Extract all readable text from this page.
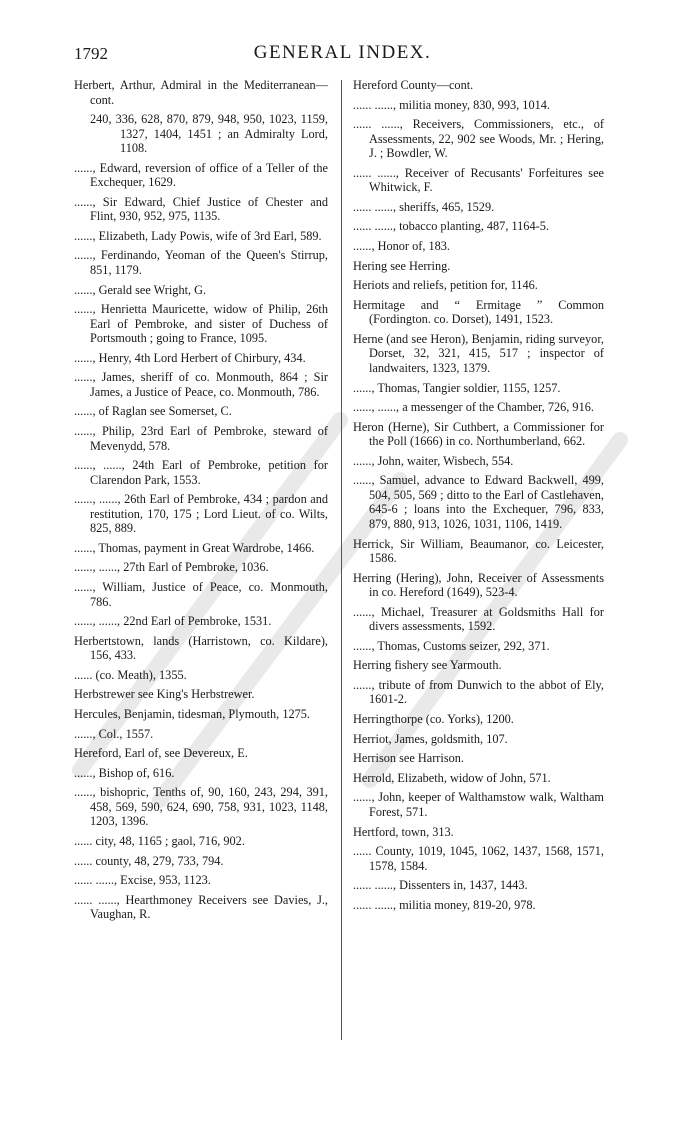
1792	GENERAL INDEX.

Herbert, Arthur, Admiral in the Mediterranean—cont.

240, 336, 628, 870, 879, 948, 950, 1023, 1159, 1327, 1404, 1451 ; an Admiralty Lord, 1108.

......, Edward, reversion of office of a Teller of the Exchequer, 1629.

......, Sir Edward, Chief Justice of Chester and Flint, 930, 952, 975, 1135.

......, Elizabeth, Lady Powis, wife of 3rd Earl, 589.

......, Ferdinando, Yeoman of the Queen's Stirrup, 851, 1179.

......, Gerald see Wright, G.

......, Henrietta Mauricette, widow of Philip, 26th Earl of Pembroke, and sister of Duchess of Portsmouth ; going to France, 1095.

......, Henry, 4th Lord Herbert of Chirbury, 434.

......, James, sheriff of co. Monmouth, 864 ; Sir James, a Justice of Peace, co. Monmouth, 786.

......, of Raglan see Somerset, C.

......, Philip, 23rd Earl of Pembroke, steward of Mevenydd, 578.

......, ......, 24th Earl of Pembroke, petition for Clarendon Park, 1553.

......, ......, 26th Earl of Pembroke, 434 ; pardon and restitution, 170, 175 ; Lord Lieut. of co. Wilts, 825, 889.

......, Thomas, payment in Great Wardrobe, 1466.

......, ......, 27th Earl of Pembroke, 1036.

......, William, Justice of Peace, co. Monmouth, 786.

......, ......, 22nd Earl of Pembroke, 1531.

Herbertstown, lands (Harristown, co. Kildare), 156, 433.

...... (co. Meath), 1355.

Herbstrewer see King's Herbstrewer.

Hercules, Benjamin, tidesman, Plymouth, 1275.

......, Col., 1557.

Hereford, Earl of, see Devereux, E.

......, Bishop of, 616.

......, bishopric, Tenths of, 90, 160, 243, 294, 391, 458, 569, 590, 624, 690, 758, 931, 1023, 1148, 1203, 1396.

...... city, 48, 1165 ; gaol, 716, 902.

...... county, 48, 279, 733, 794.

...... ......, Excise, 953, 1123.

...... ......, Hearthmoney Receivers see Davies, J., Vaughan, R.

Hereford County—cont.

...... ......, militia money, 830, 993, 1014.

...... ......, Receivers, Commissioners, etc., of Assessments, 22, 902 see Woods, Mr. ; Hering, J. ; Bowdler, W.

...... ......, Receiver of Recusants' Forfeitures see Whitwick, F.

...... ......, sheriffs, 465, 1529.

...... ......, tobacco planting, 487, 1164-5.

......, Honor of, 183.

Hering see Herring.

Heriots and reliefs, petition for, 1146.

Hermitage and “ Ermitage ” Common (Fordington. co. Dorset), 1491, 1523.

Herne (and see Heron), Benjamin, riding surveyor, Dorset, 32, 321, 415, 517 ; inspector of landwaiters, 1323, 1379.

......, Thomas, Tangier soldier, 1155, 1257.

......, ......, a messenger of the Chamber, 726, 916.

Heron (Herne), Sir Cuthbert, a Commissioner for the Poll (1666) in co. Northumberland, 662.

......, John, waiter, Wisbech, 554.

......, Samuel, advance to Edward Backwell, 499, 504, 505, 569 ; ditto to the Earl of Castlehaven, 645-6 ; loans into the Exchequer, 796, 833, 879, 880, 913, 1026, 1031, 1106, 1419.

Herrick, Sir William, Beaumanor, co. Leicester, 1586.

Herring (Hering), John, Receiver of Assessments in co. Hereford (1649), 523-4.

......, Michael, Treasurer at Goldsmiths Hall for divers assessments, 1592.

......, Thomas, Customs seizer, 292, 371.

Herring fishery see Yarmouth.

......, tribute of from Dunwich to the abbot of Ely, 1601-2.

Herringthorpe (co. Yorks), 1200.

Herriot, James, goldsmith, 107.

Herrison see Harrison.

Herrold, Elizabeth, widow of John, 571.

......, John, keeper of Walthamstow walk, Waltham Forest, 571.

Hertford, town, 313.

...... County, 1019, 1045, 1062, 1437, 1568, 1571, 1578, 1584.

...... ......, Dissenters in, 1437, 1443.

...... ......, militia money, 819-20, 978.
